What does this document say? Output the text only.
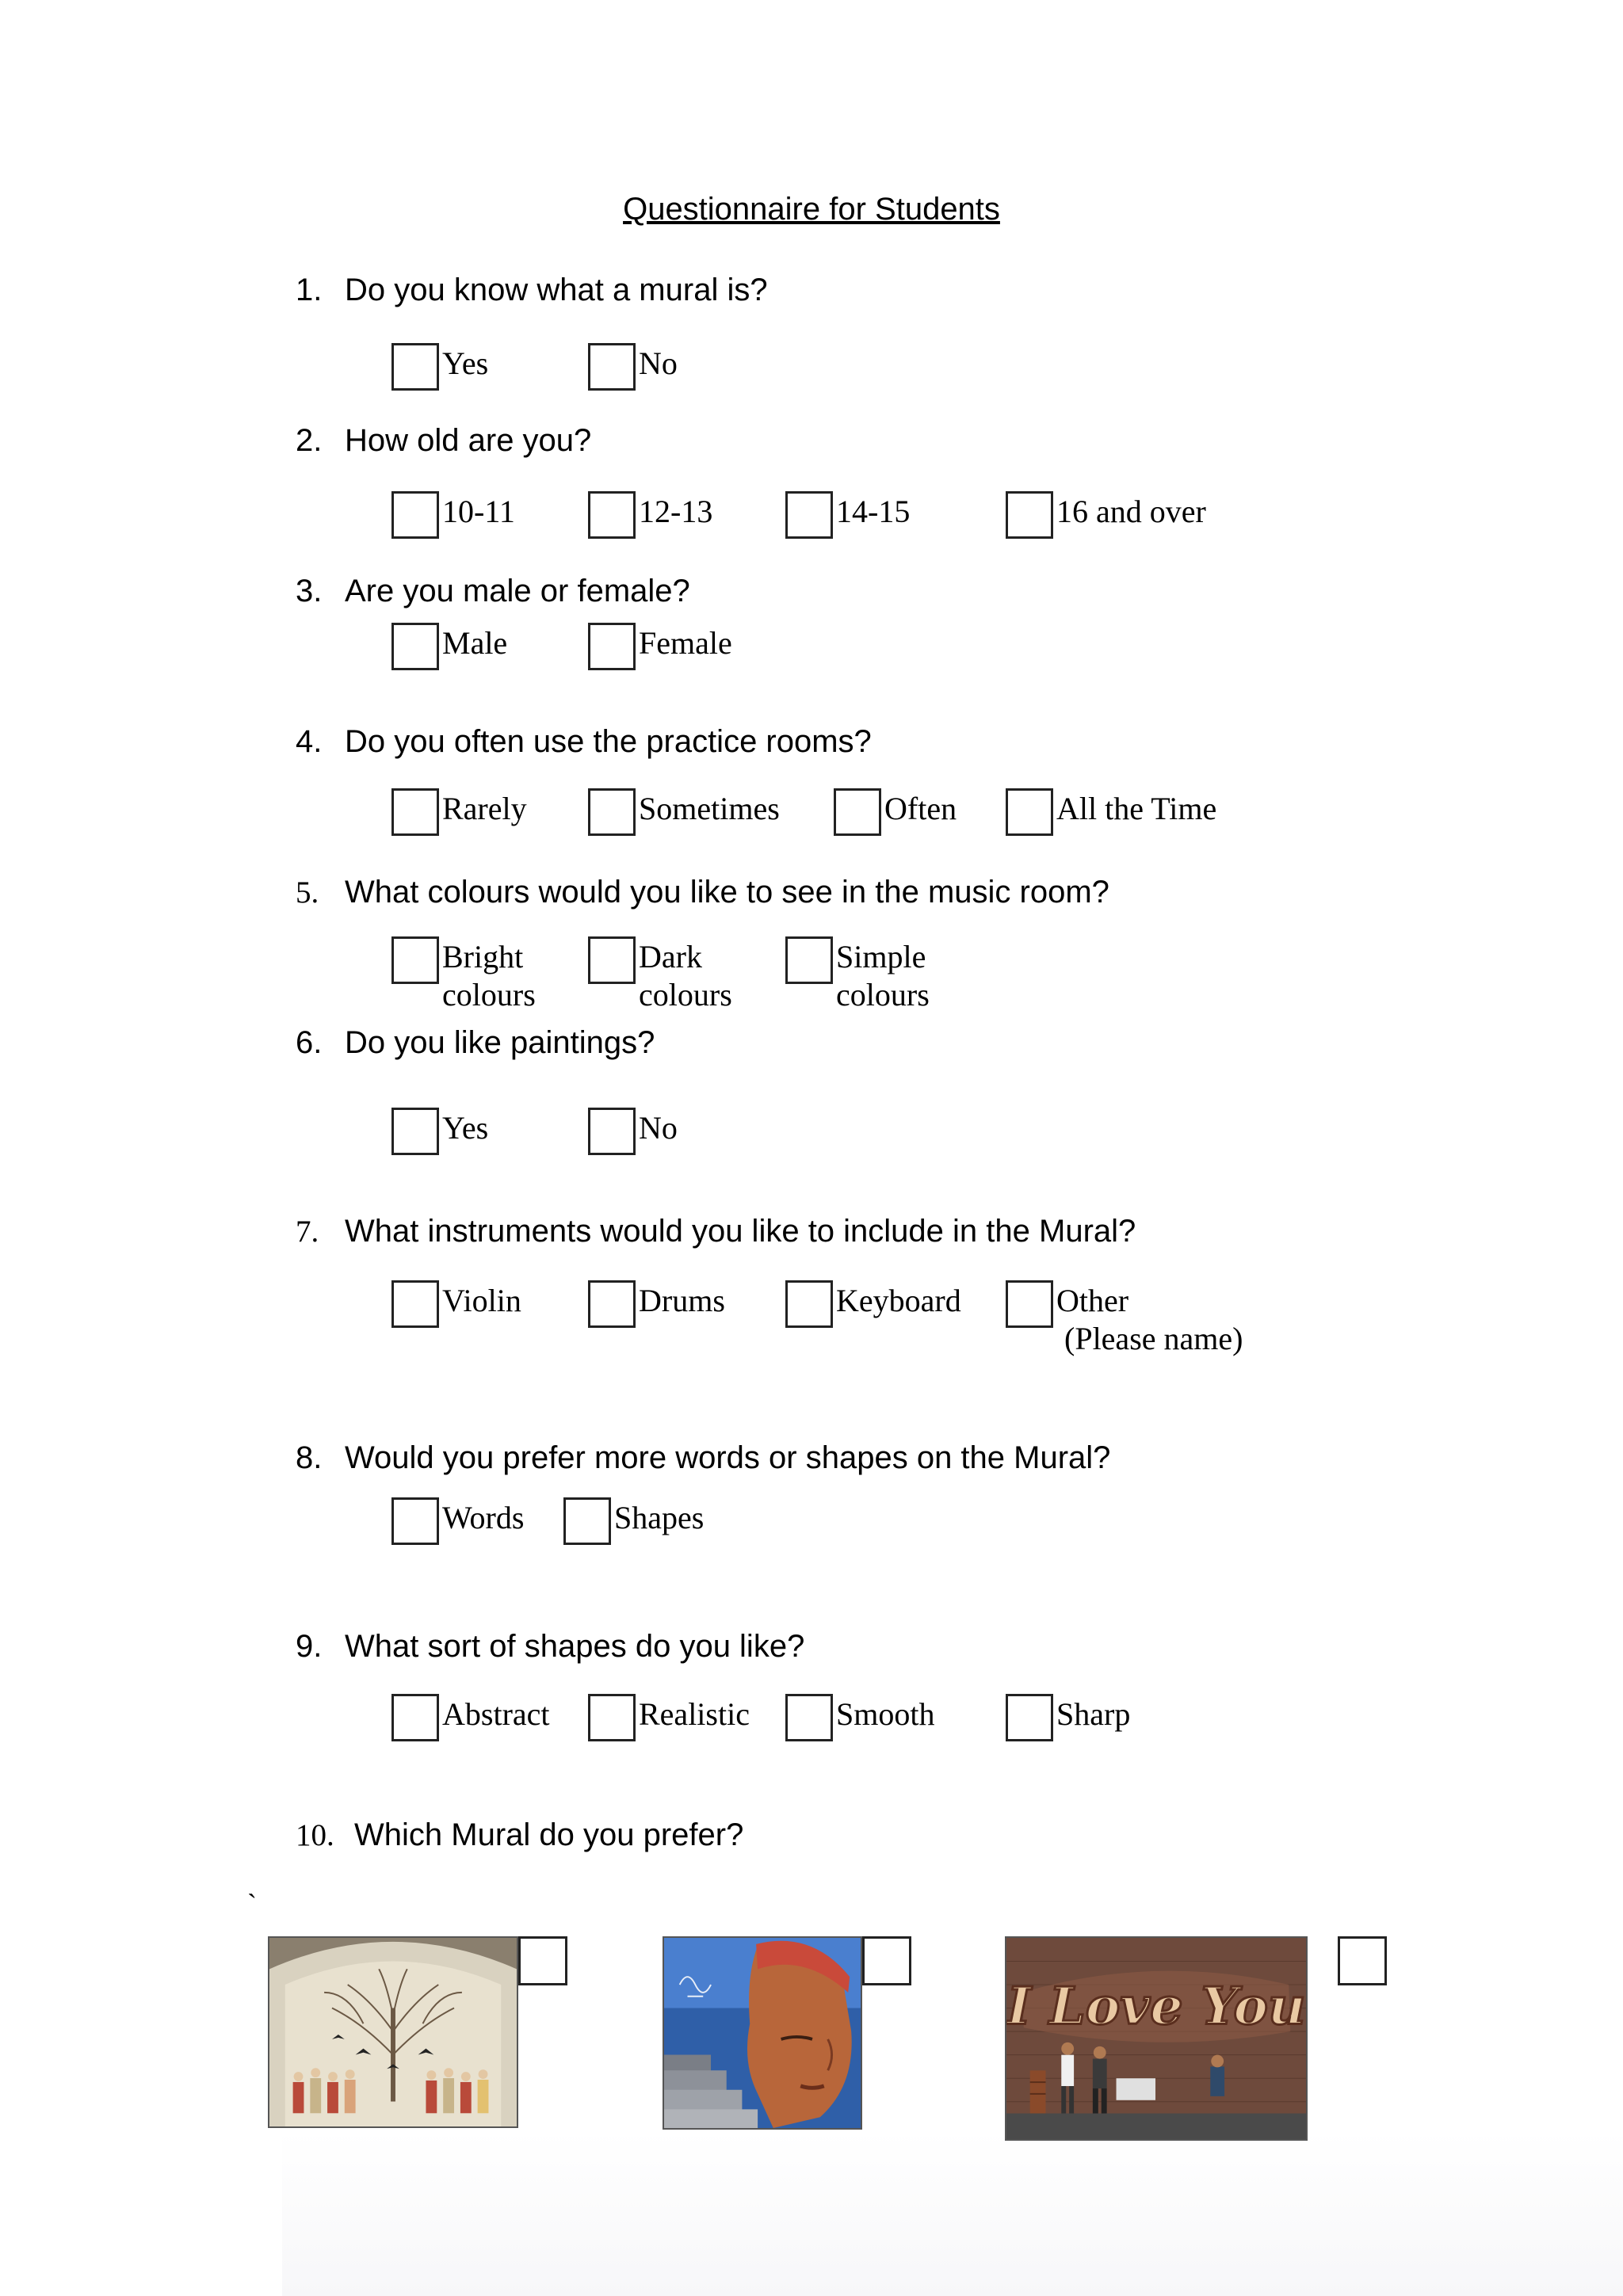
Questionnaire for Students
1. Do you know what a mural is?
Yes	No
2. How old are you?
10-11	12-13	14-15	16 and over
3. Are you male or female?
Male	Female
4. Do you often use the practice rooms?
Rarely	Sometimes	Often	All the Time
5. What colours would you like to see in the music room?
Bright
colours
Dark
colours
Simple
colours
6. Do you like paintings?
Yes	No
7. What instruments would you like to include in the Mural?
Violin	Drums	Keyboard	Other
(Please name)
8. Would you prefer more words or shapes on the Mural?
Words	Shapes
9. What sort of shapes do you like?
Abstract	Realistic	Smooth	Sharp
10. Which Mural do you prefer?
`
I Love You
